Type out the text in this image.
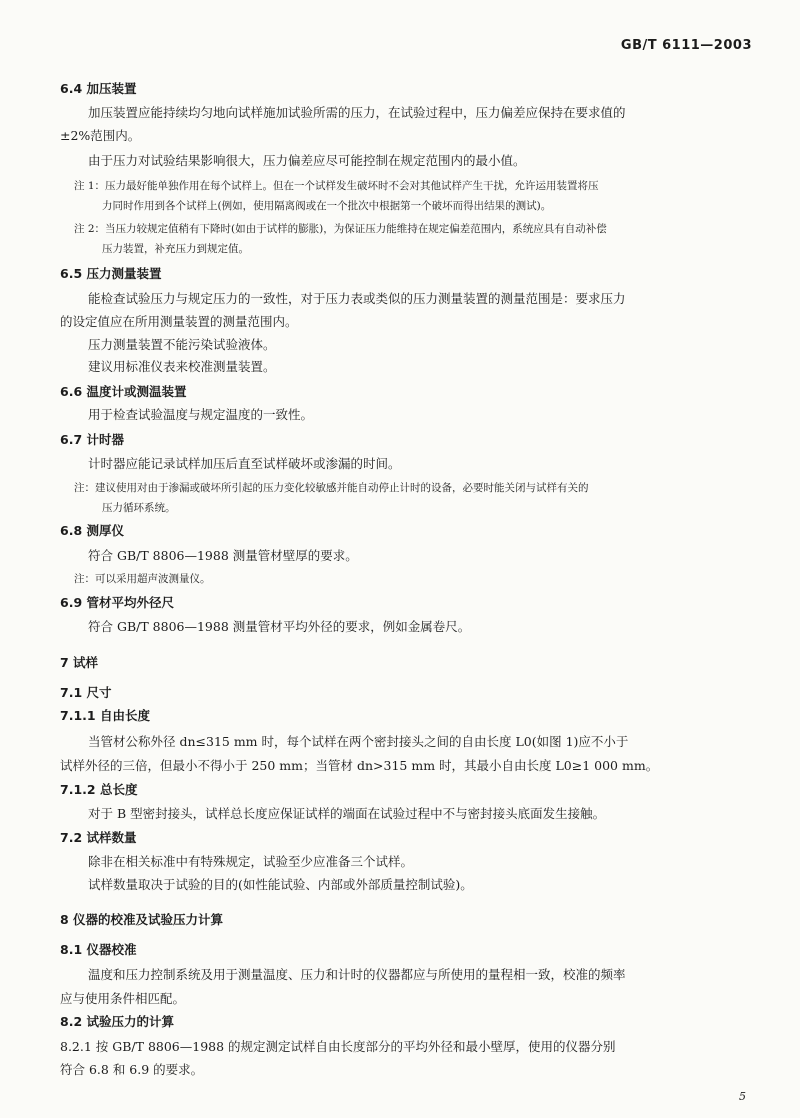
GB/T 6111—2003
6.4 加压装置
加压装置应能持续均匀地向试样施加试验所需的压力，在试验过程中，压力偏差应保持在要求值的
±2%范围内。
由于压力对试验结果影响很大，压力偏差应尽可能控制在规定范围内的最小值。
注 1：压力最好能单独作用在每个试样上。但在一个试样发生破坏时不会对其他试样产生干扰，允许运用装置将压
力同时作用到各个试样上(例如，使用隔离阀或在一个批次中根据第一个破坏而得出结果的测试)。
注 2：当压力较规定值稍有下降时(如由于试样的膨胀)，为保证压力能维持在规定偏差范围内，系统应具有自动补偿
压力装置，补充压力到规定值。
6.5 压力测量装置
能检查试验压力与规定压力的一致性，对于压力表或类似的压力测量装置的测量范围是：要求压力
的设定值应在所用测量装置的测量范围内。
压力测量装置不能污染试验液体。
建议用标准仪表来校准测量装置。
6.6 温度计或测温装置
用于检查试验温度与规定温度的一致性。
6.7 计时器
计时器应能记录试样加压后直至试样破坏或渗漏的时间。
注：建议使用对由于渗漏或破坏所引起的压力变化较敏感并能自动停止计时的设备，必要时能关闭与试样有关的
压力循环系统。
6.8 测厚仪
符合 GB/T 8806—1988 测量管材壁厚的要求。
注：可以采用超声波测量仪。
6.9 管材平均外径尺
符合 GB/T 8806—1988 测量管材平均外径的要求，例如金属卷尺。
7 试样
7.1 尺寸
7.1.1 自由长度
当管材公称外径 dn≤315 mm 时，每个试样在两个密封接头之间的自由长度 L0(如图 1)应不小于
试样外径的三倍，但最小不得小于 250 mm；当管材 dn>315 mm 时，其最小自由长度 L0≥1 000 mm。
7.1.2 总长度
对于 B 型密封接头，试样总长度应保证试样的端面在试验过程中不与密封接头底面发生接触。
7.2 试样数量
除非在相关标准中有特殊规定，试验至少应准备三个试样。
试样数量取决于试验的目的(如性能试验、内部或外部质量控制试验)。
8 仪器的校准及试验压力计算
8.1 仪器校准
温度和压力控制系统及用于测量温度、压力和计时的仪器都应与所使用的量程相一致，校准的频率
应与使用条件相匹配。
8.2 试验压力的计算
8.2.1 按 GB/T 8806—1988 的规定测定试样自由长度部分的平均外径和最小壁厚，使用的仪器分别
符合 6.8 和 6.9 的要求。
5
